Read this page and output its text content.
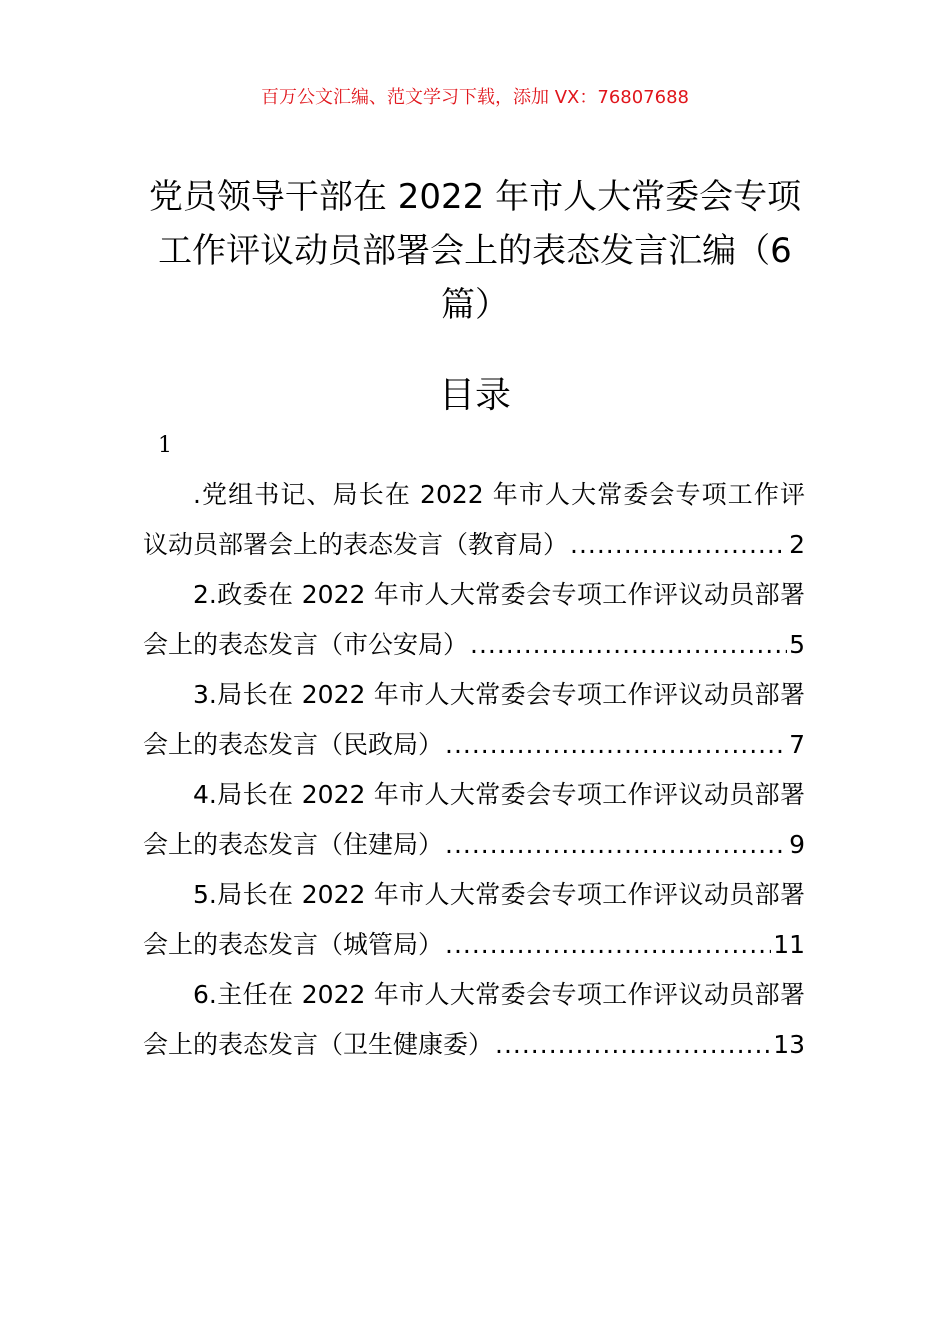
百万公文汇编、范文学习下载，添加 VX：76807688
党员领导干部在 2022 年市人大常委会专项工作评议动员部署会上的表态发言汇编（6 篇）
目录
1
.党组书记、局长在 2022 年市人大常委会专项工作评
议动员部署会上的表态发言（教育局） .....	2
2.政委在 2022 年市人大常委会专项工作评议动员部署
会上的表态发言（市公安局） .....	5
3.局长在 2022 年市人大常委会专项工作评议动员部署
会上的表态发言（民政局） .....	7
4.局长在 2022 年市人大常委会专项工作评议动员部署
会上的表态发言（住建局） .....	9
5.局长在 2022 年市人大常委会专项工作评议动员部署
会上的表态发言（城管局） .....	11
6.主任在 2022 年市人大常委会专项工作评议动员部署
会上的表态发言（卫生健康委） .....	13
